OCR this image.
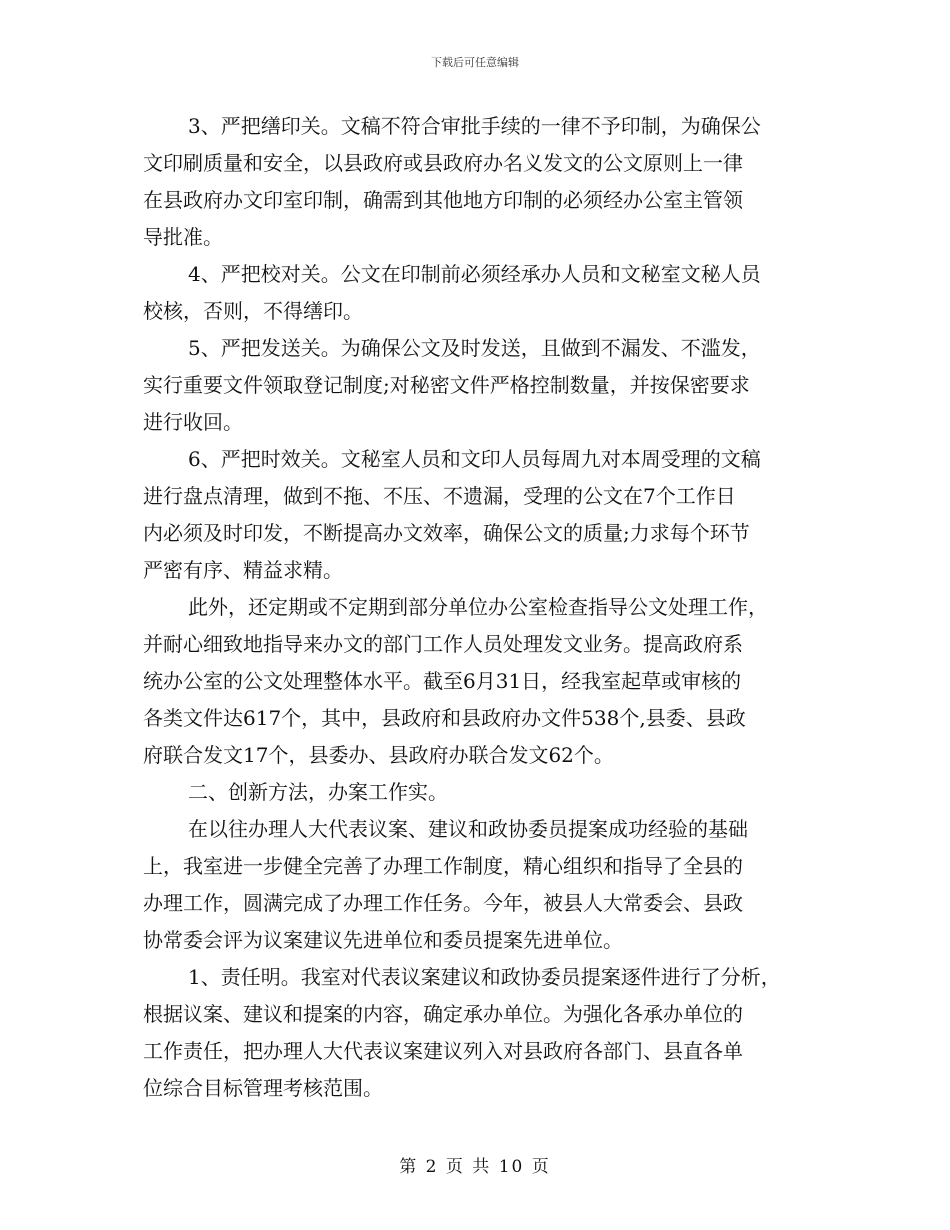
下载后可任意编辑
3、严把缮印关。文稿不符合审批手续的一律不予印制，为确保公
文印刷质量和安全，以县政府或县政府办名义发文的公文原则上一律
在县政府办文印室印制，确需到其他地方印制的必须经办公室主管领
导批准。
4、严把校对关。公文在印制前必须经承办人员和文秘室文秘人员
校核，否则，不得缮印。
5、严把发送关。为确保公文及时发送，且做到不漏发、不滥发，
实行重要文件领取登记制度;对秘密文件严格控制数量，并按保密要求
进行收回。
6、严把时效关。文秘室人员和文印人员每周九对本周受理的文稿
进行盘点清理，做到不拖、不压、不遗漏，受理的公文在7个工作日
内必须及时印发，不断提高办文效率，确保公文的质量;力求每个环节
严密有序、精益求精。
此外，还定期或不定期到部分单位办公室检查指导公文处理工作，
并耐心细致地指导来办文的部门工作人员处理发文业务。提高政府系
统办公室的公文处理整体水平。截至6月31日，经我室起草或审核的
各类文件达617个，其中，县政府和县政府办文件538个,县委、县政
府联合发文17个，县委办、县政府办联合发文62个。
二、创新方法，办案工作实。
在以往办理人大代表议案、建议和政协委员提案成功经验的基础
上，我室进一步健全完善了办理工作制度，精心组织和指导了全县的
办理工作，圆满完成了办理工作任务。今年，被县人大常委会、县政
协常委会评为议案建议先进单位和委员提案先进单位。
1、责任明。我室对代表议案建议和政协委员提案逐件进行了分析，
根据议案、建议和提案的内容，确定承办单位。为强化各承办单位的
工作责任，把办理人大代表议案建议列入对县政府各部门、县直各单
位综合目标管理考核范围。
第 2 页 共 10 页
